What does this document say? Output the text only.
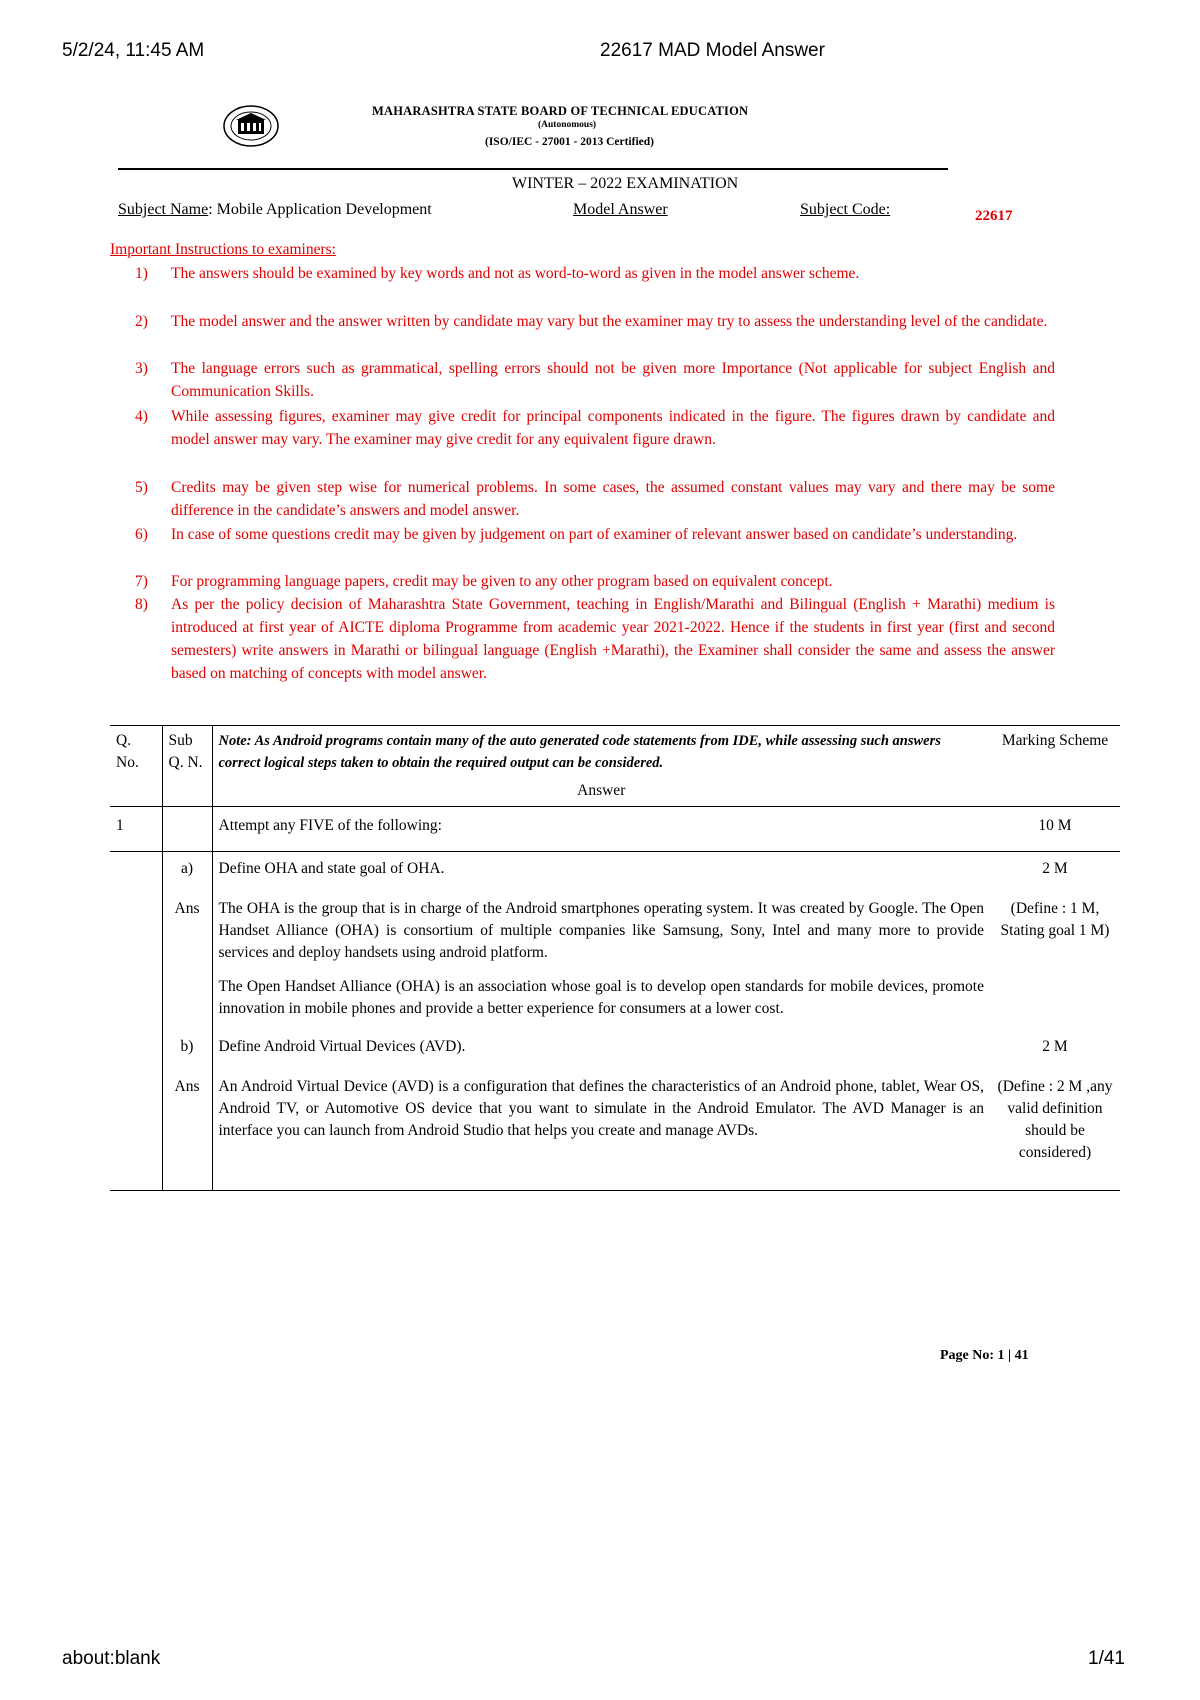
5/2/24, 11:45 AM	22617 MAD Model Answer
MAHARASHTRA STATE BOARD OF TECHNICAL EDUCATION
(Autonomous)
(ISO/IEC - 27001 - 2013 Certified)
WINTER – 2022 EXAMINATION
Subject Name: Mobile Application Development	Model Answer	Subject Code:	22617
Important Instructions to examiners:
1)	The answers should be examined by key words and not as word-to-word as given in the model answer scheme.
2)	The model answer and the answer written by candidate may vary but the examiner may try to assess the understanding level of the candidate.
3)	The language errors such as grammatical, spelling errors should not be given more Importance (Not applicable for subject English and Communication Skills.
4)	While assessing figures, examiner may give credit for principal components indicated in the figure. The figures drawn by candidate and model answer may vary. The examiner may give credit for any equivalent figure drawn.
5)	Credits may be given step wise for numerical problems. In some cases, the assumed constant values may vary and there may be some difference in the candidate’s answers and model answer.
6)	In case of some questions credit may be given by judgement on part of examiner of relevant answer based on candidate’s understanding.
7)	For programming language papers, credit may be given to any other program based on equivalent concept.
8)	As per the policy decision of Maharashtra State Government, teaching in English/Marathi and Bilingual (English + Marathi) medium is introduced at first year of AICTE diploma Programme from academic year 2021-2022. Hence if the students in first year (first and second semesters) write answers in Marathi or bilingual language (English +Marathi), the Examiner shall consider the same and assess the answer based on matching of concepts with model answer.
Q. No.	Sub Q. N.	Note: As Android programs contain many of the auto generated code statements from IDE, while assessing such answers correct logical steps taken to obtain the required output can be considered.
Answer	Marking Scheme
1		Attempt any FIVE of the following:	10 M
	a)	Define OHA and state goal of OHA.	2 M
	Ans	The OHA is the group that is in charge of the Android smartphones operating system. It was created by Google. The Open Handset Alliance (OHA) is consortium of multiple companies like Samsung, Sony, Intel and many more to provide services and deploy handsets using android platform.
The Open Handset Alliance (OHA) is an association whose goal is to develop open standards for mobile devices, promote innovation in mobile phones and provide a better experience for consumers at a lower cost.	(Define : 1 M, Stating goal 1 M)
	b)	Define Android Virtual Devices (AVD).	2 M
	Ans	An Android Virtual Device (AVD) is a configuration that defines the characteristics of an Android phone, tablet, Wear OS, Android TV, or Automotive OS device that you want to simulate in the Android Emulator. The AVD Manager is an interface you can launch from Android Studio that helps you create and manage AVDs.	(Define : 2 M ,any valid definition should be considered)
Page No: 1 | 41
about:blank	1/41
